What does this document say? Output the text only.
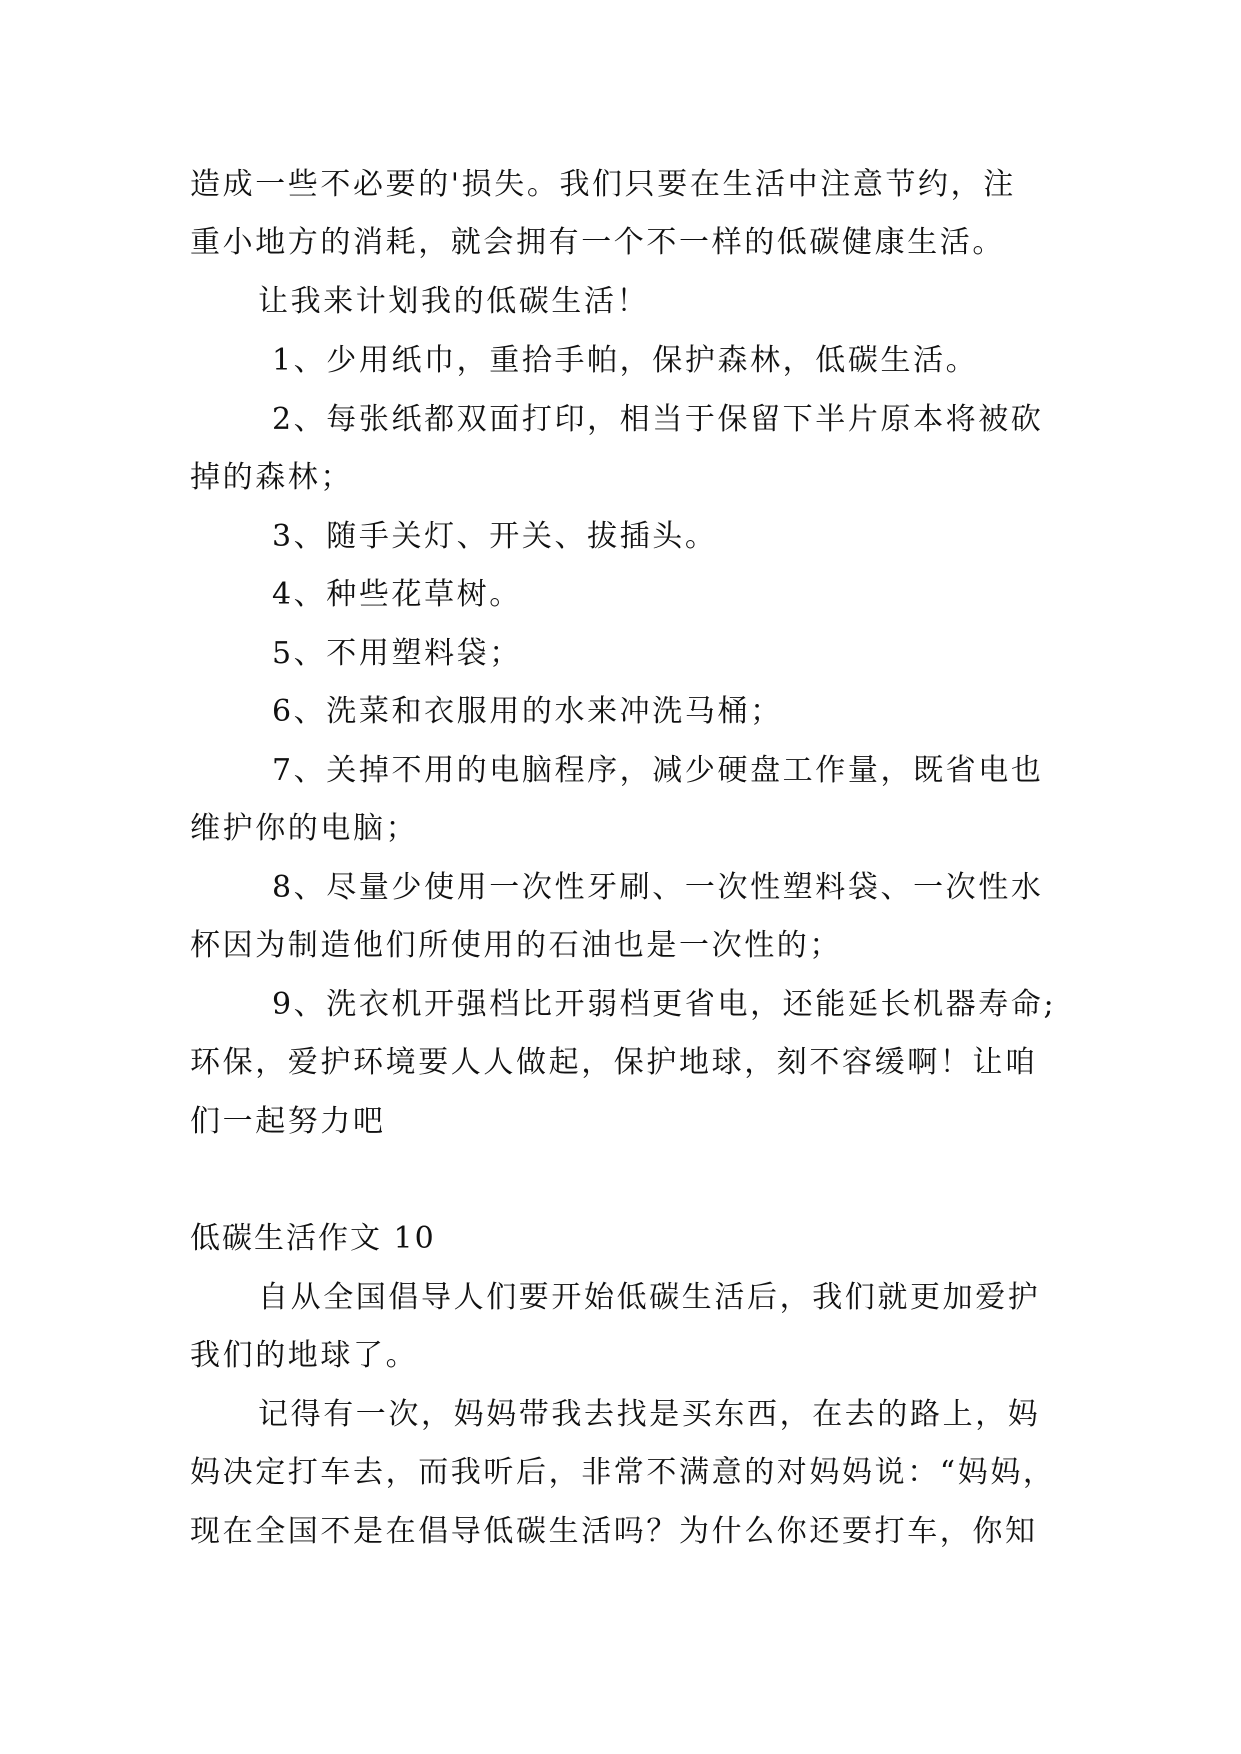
造成一些不必要的'损失。我们只要在生活中注意节约，注
重小地方的消耗，就会拥有一个不一样的低碳健康生活。
让我来计划我的低碳生活！
1、少用纸巾，重拾手帕，保护森林，低碳生活。
2、每张纸都双面打印，相当于保留下半片原本将被砍
掉的森林；
3、随手关灯、开关、拔插头。
4、种些花草树。
5、不用塑料袋；
6、洗菜和衣服用的水来冲洗马桶；
7、关掉不用的电脑程序，减少硬盘工作量，既省电也
维护你的电脑；
8、尽量少使用一次性牙刷、一次性塑料袋、一次性水
杯因为制造他们所使用的石油也是一次性的；
9、洗衣机开强档比开弱档更省电，还能延长机器寿命;
环保，爱护环境要人人做起，保护地球，刻不容缓啊！让咱
们一起努力吧
低碳生活作文 10
自从全国倡导人们要开始低碳生活后，我们就更加爱护
我们的地球了。
记得有一次，妈妈带我去找是买东西，在去的路上，妈
妈决定打车去，而我听后，非常不满意的对妈妈说：“妈妈，
现在全国不是在倡导低碳生活吗？为什么你还要打车，你知
